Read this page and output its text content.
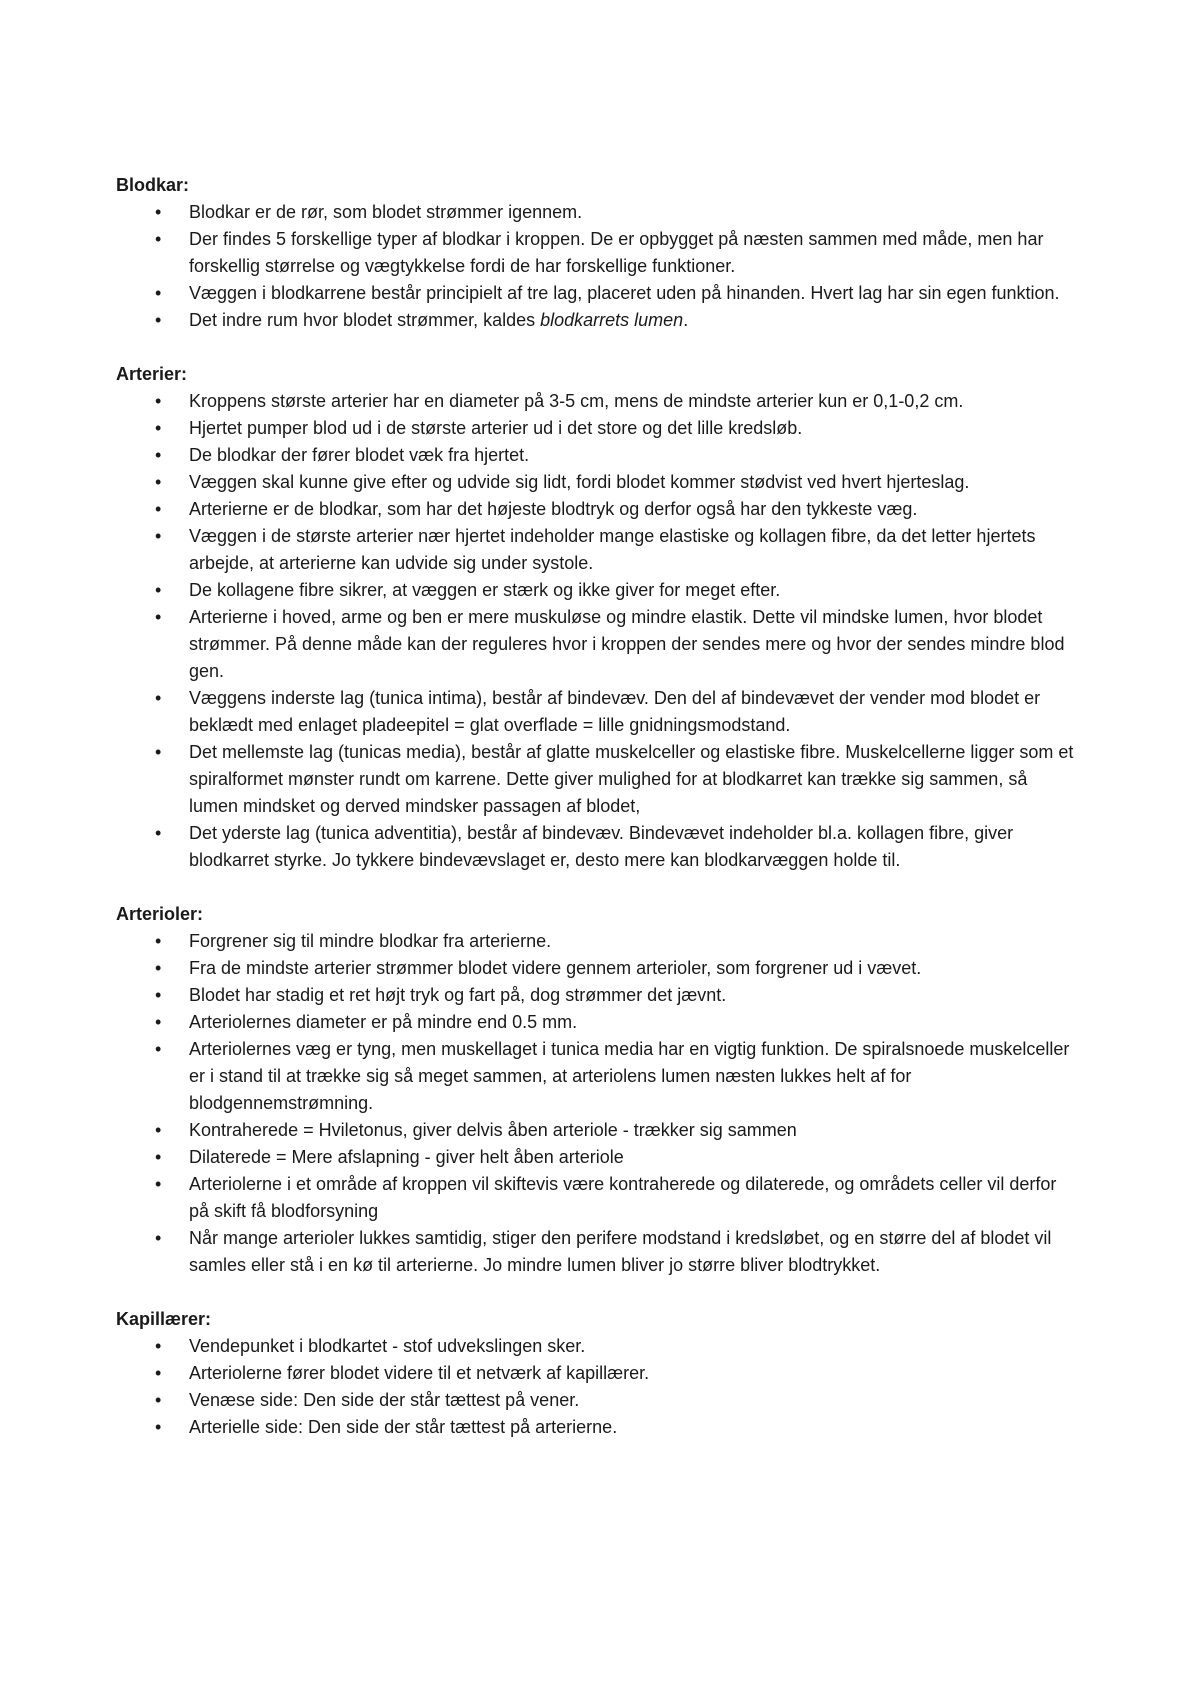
Blodkar:

• Blodkar er de rør, som blodet strømmer igennem.
• Der findes 5 forskellige typer af blodkar i kroppen. De er opbygget på næsten sammen med måde, men har forskellig størrelse og vægtykkelse fordi de har forskellige funktioner.
• Væggen i blodkarrene består principielt af tre lag, placeret uden på hinanden. Hvert lag har sin egen funktion.
• Det indre rum hvor blodet strømmer, kaldes blodkarrets lumen.

Arterier:

• Kroppens største arterier har en diameter på 3-5 cm, mens de mindste arterier kun er 0,1-0,2 cm.
• Hjertet pumper blod ud i de største arterier ud i det store og det lille kredsløb.
• De blodkar der fører blodet væk fra hjertet.
• Væggen skal kunne give efter og udvide sig lidt, fordi blodet kommer stødvist ved hvert hjerteslag.
• Arterierne er de blodkar, som har det højeste blodtryk og derfor også har den tykkeste væg.
• Væggen i de største arterier nær hjertet indeholder mange elastiske og kollagen fibre, da det letter hjertets arbejde, at arterierne kan udvide sig under systole.
• De kollagene fibre sikrer, at væggen er stærk og ikke giver for meget efter.
• Arterierne i hoved, arme og ben er mere muskuløse og mindre elastik. Dette vil mindske lumen, hvor blodet strømmer. På denne måde kan der reguleres hvor i kroppen der sendes mere og hvor der sendes mindre blod gen.
• Væggens inderste lag (tunica intima), består af bindevæv. Den del af bindevævet der vender mod blodet er beklædt med enlaget pladeepitel = glat overflade = lille gnidningsmodstand.
• Det mellemste lag (tunicas media), består af glatte muskelceller og elastiske fibre. Muskelcellerne ligger som et spiralformet mønster rundt om karrene. Dette giver mulighed for at blodkarret kan trække sig sammen, så lumen mindsket og derved mindsker passagen af blodet,
• Det yderste lag (tunica adventitia), består af bindevæv. Bindevævet indeholder bl.a. kollagen fibre, giver blodkarret styrke. Jo tykkere bindevævslaget er, desto mere kan blodkarvæggen holde til.

Arterioler:

• Forgrener sig til mindre blodkar fra arterierne.
• Fra de mindste arterier strømmer blodet videre gennem arterioler, som forgrener ud i vævet.
• Blodet har stadig et ret højt tryk og fart på, dog strømmer det jævnt.
• Arteriolernes diameter er på mindre end 0.5 mm.
• Arteriolernes væg er tyng, men muskellaget i tunica media har en vigtig funktion. De spiralsnoede muskelceller er i stand til at trække sig så meget sammen, at arteriolens lumen næsten lukkes helt af for blodgennemstrømning.
• Kontraherede = Hviletonus, giver delvis åben arteriole - trækker sig sammen
• Dilaterede = Mere afslapning - giver helt åben arteriole
• Arteriolerne i et område af kroppen vil skiftevis være kontraherede og dilaterede, og områdets celler vil derfor på skift få blodforsyning
• Når mange arterioler lukkes samtidig, stiger den perifere modstand i kredsløbet, og en større del af blodet vil samles eller stå i en kø til arterierne. Jo mindre lumen bliver jo større bliver blodtrykket.

Kapillærer:

• Vendepunket i blodkartet - stof udvekslingen sker.
• Arteriolerne fører blodet videre til et netværk af kapillærer.
• Venæse side: Den side der står tættest på vener.
• Arterielle side: Den side der står tættest på arterierne.
